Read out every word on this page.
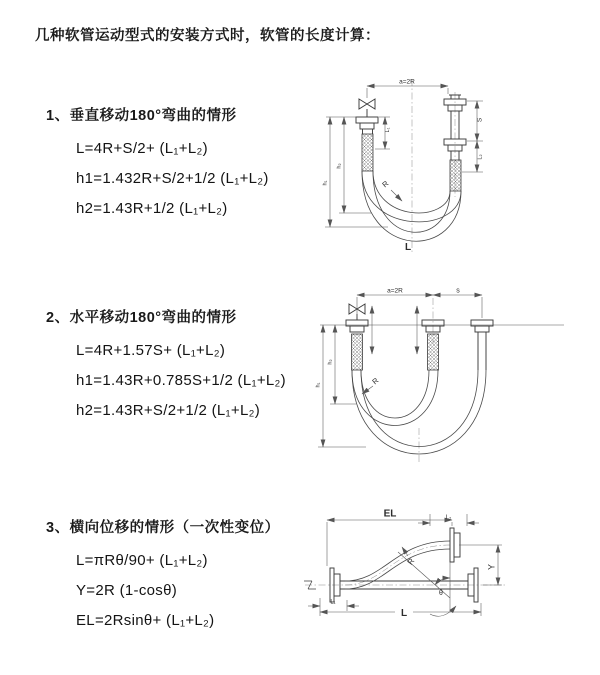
几种软管运动型式的安装方式时，软管的长度计算：
1、垂直移动180°弯曲的情形
L=4R+S/2+ (L₁+L₂)
h1=1.432R+S/2+1/2 (L₁+L₂)
h2=1.43R+1/2 (L₁+L₂)
2、水平移动180°弯曲的情形
L=4R+1.57S+ (L₁+L₂)
h1=1.43R+0.785S+1/2 (L₁+L₂)
h2=1.43R+S/2+1/2 (L₁+L₂)
3、横向位移的情形（一次性变位）
L=πRθ/90+ (L₁+L₂)
Y=2R (1-cosθ)
EL=2Rsinθ+ (L₁+L₂)
a=2R
L₁
S
L₂
h₂
h₁	R
L
a=2R	s
h₂
h₁	R
θ
R
EL	L₂
Y
L
L₁
